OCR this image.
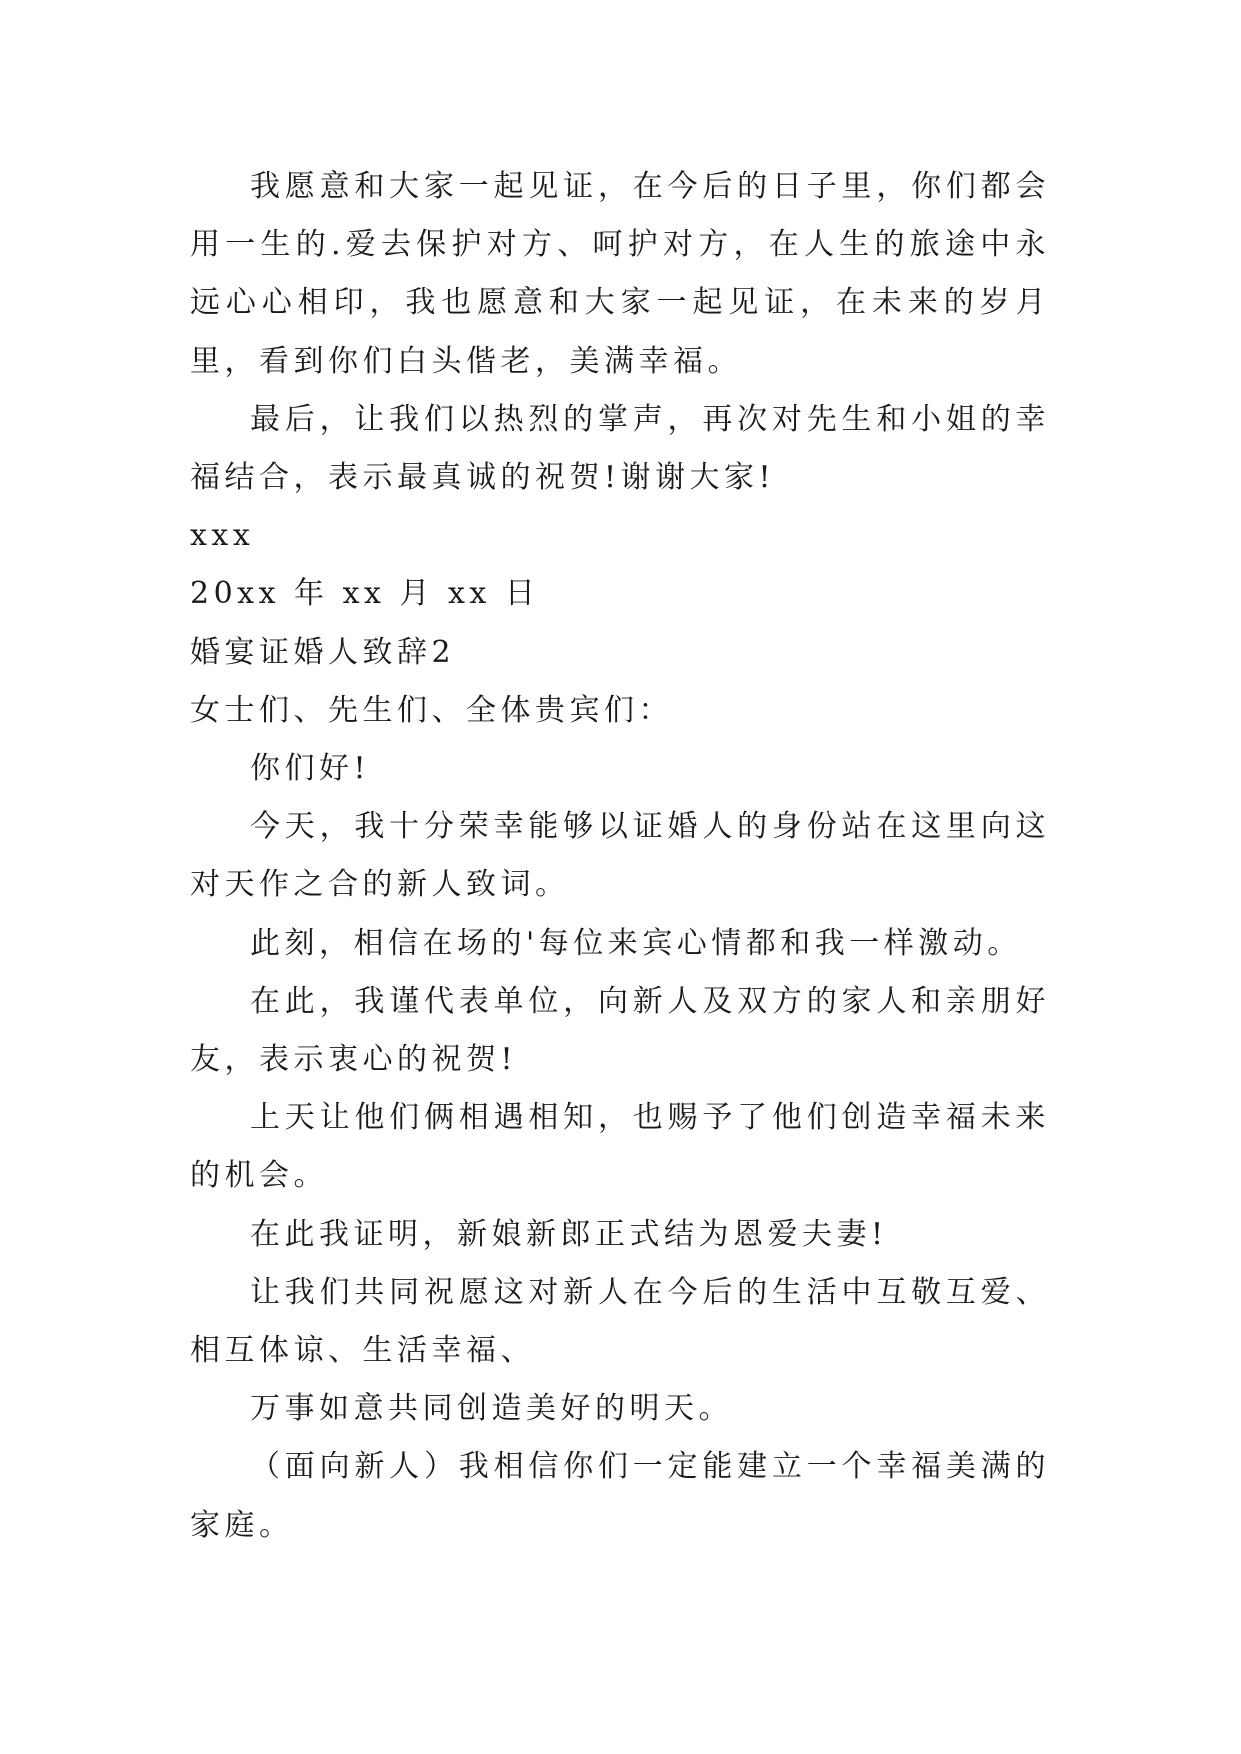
我愿意和大家一起见证，在今后的日子里，你们都会用一生的.爱去保护对方、呵护对方，在人生的旅途中永远心心相印，我也愿意和大家一起见证，在未来的岁月里，看到你们白头偕老，美满幸福。

最后，让我们以热烈的掌声，再次对先生和小姐的幸福结合，表示最真诚的祝贺!谢谢大家!

xxx

20xx 年 xx 月 xx 日

婚宴证婚人致辞2

女士们、先生们、全体贵宾们：

你们好!

今天，我十分荣幸能够以证婚人的身份站在这里向这对天作之合的新人致词。

此刻，相信在场的'每位来宾心情都和我一样激动。

在此，我谨代表单位，向新人及双方的家人和亲朋好友，表示衷心的祝贺!

上天让他们俩相遇相知，也赐予了他们创造幸福未来的机会。

在此我证明，新娘新郎正式结为恩爱夫妻!

让我们共同祝愿这对新人在今后的生活中互敬互爱、相互体谅、生活幸福、

万事如意共同创造美好的明天。

（面向新人）我相信你们一定能建立一个幸福美满的家庭。
